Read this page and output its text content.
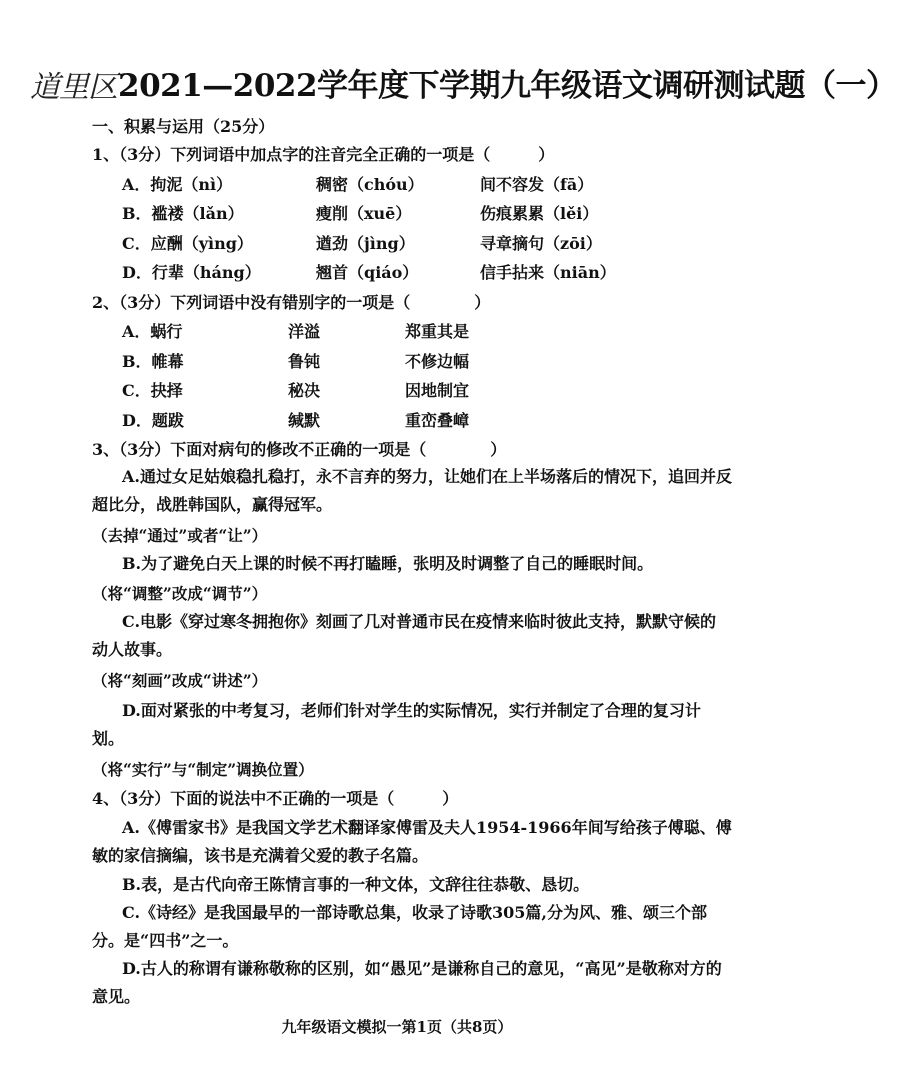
道里区 2021—2022学年度下学期九年级语文调研测试题（一）
一、积累与运用（25分）
1、（3分）下列词语中加点字的注音完全正确的一项是（　　　）
A．拘泥（nì）	稠密（chóu）	间不容发（fā）
B．褴褛（lǎn）	瘦削（xuē）	伤痕累累（lěi）
C．应酬（yìng）	遒劲（jìng）	寻章摘句（zōi）
D．行辈（háng）	翘首（qiáo）	信手拈来（niān）
2、（3分）下列词语中没有错别字的一项是（　　　　）
A．蜗行	洋溢	郑重其是
B．帷幕	鲁钝	不修边幅
C．抉择	秘决	因地制宜
D．题跋	缄默	重峦叠嶂
3、（3分）下面对病句的修改不正确的一项是（　　　　）
A.通过女足姑娘稳扎稳打，永不言弃的努力，让她们在上半场落后的情况下，追回并反超比分，战胜韩国队，赢得冠军。
（去掉“通过”或者“让”）
B.为了避免白天上课的时候不再打瞌睡，张明及时调整了自己的睡眠时间。
（将“调整”改成“调节”）
C.电影《穿过寒冬拥抱你》刻画了几对普通市民在疫情来临时彼此支持，默默守候的动人故事。
（将“刻画”改成“讲述”）
D.面对紧张的中考复习，老师们针对学生的实际情况，实行并制定了合理的复习计划。
（将“实行”与“制定”调换位置）
4、（3分）下面的说法中不正确的一项是（　　　）
A.《傅雷家书》是我国文学艺术翻译家傅雷及夫人1954-1966年间写给孩子傅聪、傅敏的家信摘编，该书是充满着父爱的教子名篇。
B.表，是古代向帝王陈情言事的一种文体，文辞往往恭敬、恳切。
C.《诗经》是我国最早的一部诗歌总集，收录了诗歌305篇,分为风、雅、颂三个部分。是“四书”之一。
D.古人的称谓有谦称敬称的区别，如“愚见”是谦称自己的意见，“高见”是敬称对方的意见。
九年级语文模拟一第1页（共8页）
